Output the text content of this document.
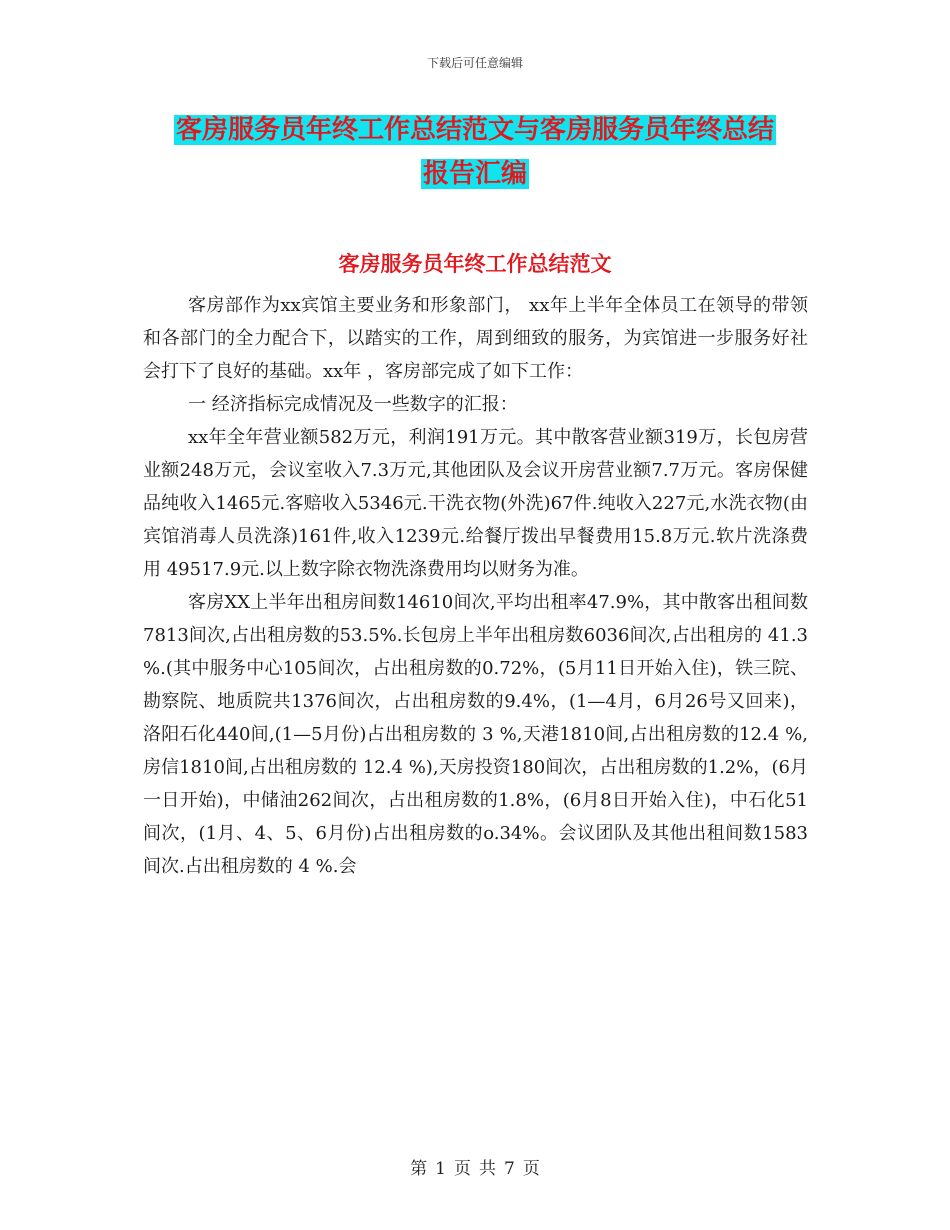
下载后可任意编辑
客房服务员年终工作总结范文与客房服务员年终总结
报告汇编
客房服务员年终工作总结范文

客房部作为xx宾馆主要业务和形象部门， xx年上半年全体员工在领导的带领和各部门的全力配合下，以踏实的工作，周到细致的服务，为宾馆进一步服务好社会打下了良好的基础。xx年 ，客房部完成了如下工作：

一 经济指标完成情况及一些数字的汇报：

xx年全年营业额582万元，利润191万元。其中散客营业额319万，长包房营业额248万元，会议室收入7.3万元,其他团队及会议开房营业额7.7万元。客房保健品纯收入1465元.客赔收入5346元.干洗衣物(外洗)67件.纯收入227元,水洗衣物(由宾馆消毒人员洗涤)161件,收入1239元.给餐厅拨出早餐费用15.8万元.软片洗涤费用 49517.9元.以上数字除衣物洗涤费用均以财务为准。

客房XX上半年出租房间数14610间次,平均出租率47.9%，其中散客出租间数7813间次,占出租房数的53.5%.长包房上半年出租房数6036间次,占出租房的 41.3 %.(其中服务中心105间次，占出租房数的0.72%，(5月11日开始入住)，铁三院、勘察院、地质院共1376间次，占出租房数的9.4%，(1—4月，6月26号又回来)，洛阳石化440间,(1—5月份)占出租房数的 3 %,天港1810间,占出租房数的12.4 %,房信1810间,占出租房数的 12.4 %),天房投资180间次，占出租房数的1.2%，(6月一日开始)，中储油262间次，占出租房数的1.8%，(6月8日开始入住)，中石化51间次，(1月、4、5、6月份)占出租房数的o.34%。会议团队及其他出租间数1583间次.占出租房数的 4 %.会

第 1 页 共 7 页
